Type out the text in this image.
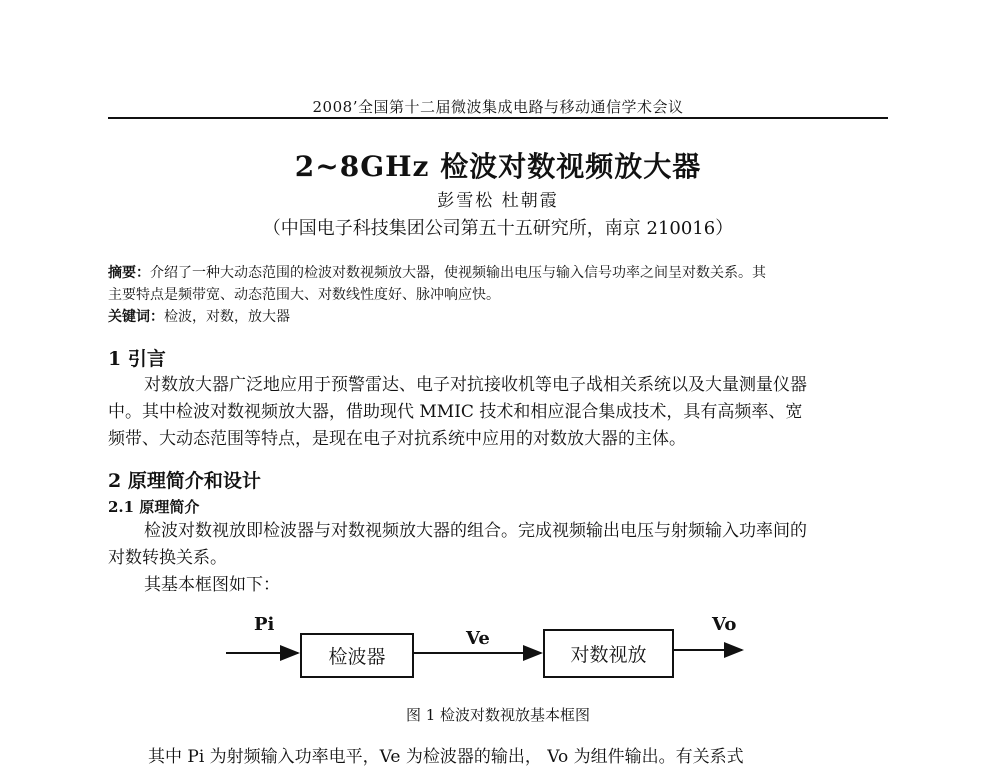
2008’全国第十二届微波集成电路与移动通信学术会议
2~8GHz 检波对数视频放大器
彭雪松 杜朝霞
（中国电子科技集团公司第五十五研究所，南京 210016）
摘要：介绍了一种大动态范围的检波对数视频放大器，使视频输出电压与输入信号功率之间呈对数关系。其
主要特点是频带宽、动态范围大、对数线性度好、脉冲响应快。
关键词：检波，对数，放大器
1 引言
对数放大器广泛地应用于预警雷达、电子对抗接收机等电子战相关系统以及大量测量仪器
中。其中检波对数视频放大器，借助现代 MMIC 技术和相应混合集成技术，具有高频率、宽
频带、大动态范围等特点，是现在电子对抗系统中应用的对数放大器的主体。
2 原理简介和设计
2.1 原理简介
检波对数视放即检波器与对数视频放大器的组合。完成视频输出电压与射频输入功率间的
对数转换关系。
其基本框图如下：
Pi
检波器
Ve
对数视放
Vo
图 1 检波对数视放基本框图
其中 Pi 为射频输入功率电平，Ve 为检波器的输出， Vo 为组件输出。有关系式
